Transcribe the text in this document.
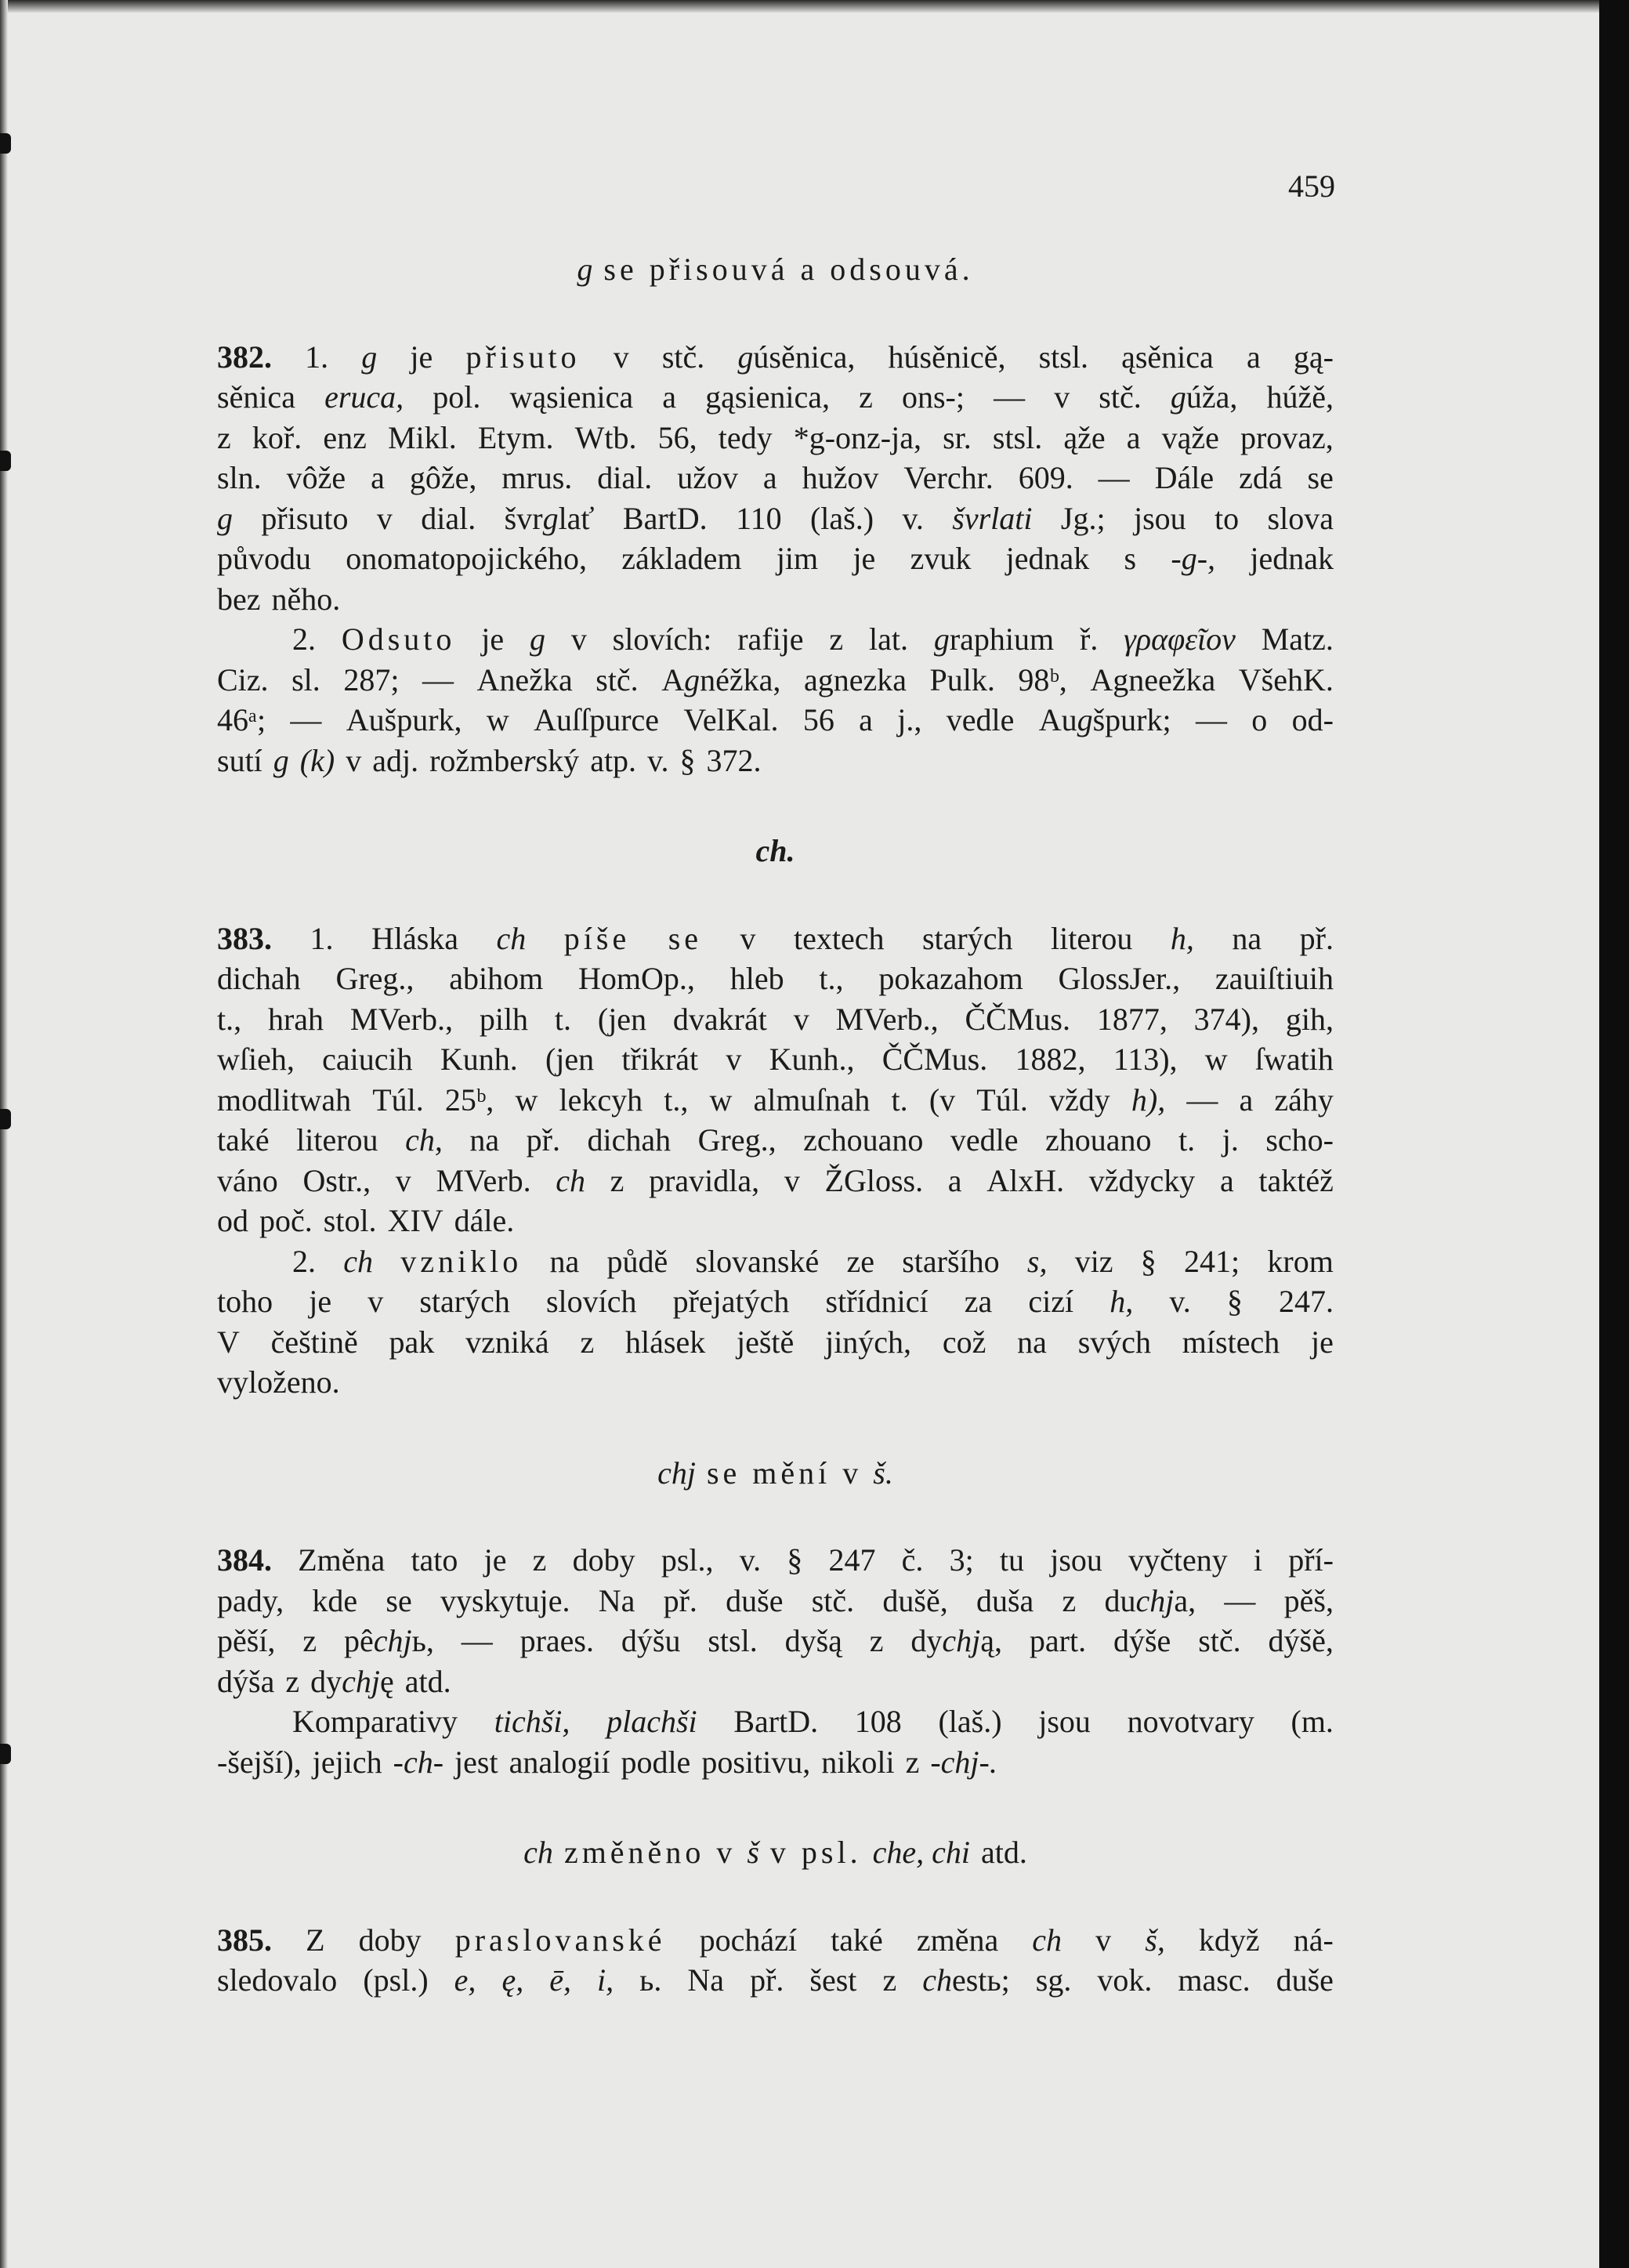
459
g se přisouvá a odsouvá.
382. 1. g je přisuto v stč. gúsěnica, húsěnicě, stsl. ąsěnica a gą-
sěnica eruca, pol. wąsienica a gąsienica, z ons-; — v stč. gúža, húžě,
z koř. enz Mikl. Etym. Wtb. 56, tedy *g-onz-ja, sr. stsl. ąže a vąže provaz,
sln. vôže a gôže, mrus. dial. užov a hužov Verchr. 609. — Dále zdá se
g přisuto v dial. švrglať BartD. 110 (laš.) v. švrlati Jg.; jsou to slova
původu onomatopojického, základem jim je zvuk jednak s -g-, jednak
bez něho.
2. Odsuto je g v slovích: rafije z lat. graphium ř. γραφεῖον Matz.
Ciz. sl. 287; — Anežka stč. Agnéžka, agnezka Pulk. 98ᵇ, Agneežka VšehK.
46ᵃ; — Aušpurk, w Auſſpurce VelKal. 56 a j., vedle Augšpurk; — o od-
sutí g (k) v adj. rožmberský atp. v. § 372.
ch.
383. 1. Hláska ch píše se v textech starých literou h, na př.
dichah Greg., abihom HomOp., hleb t., pokazahom GlossJer., zauiſtiuih
t., hrah MVerb., pilh t. (jen dvakrát v MVerb., ČČMus. 1877, 374), gih,
wſieh, caiucih Kunh. (jen třikrát v Kunh., ČČMus. 1882, 113), w ſwatih
modlitwah Túl. 25ᵇ, w lekcyh t., w almuſnah t. (v Túl. vždy h), — a záhy
také literou ch, na př. dichah Greg., zchouano vedle zhouano t. j. scho-
váno Ostr., v MVerb. ch z pravidla, v ŽGloss. a AlxH. vždycky a taktéž
od poč. stol. XIV dále.
2. ch vzniklo na půdě slovanské ze staršího s, viz § 241; krom
toho je v starých slovích přejatých střídnicí za cizí h, v. § 247.
V češtině pak vzniká z hlásek ještě jiných, což na svých místech je
vyloženo.
chj se mění v š.
384. Změna tato je z doby psl., v. § 247 č. 3; tu jsou vyčteny i pří-
pady, kde se vyskytuje. Na př. duše stč. dušě, duša z duchja, — pěš,
pěší, z pêchjь, — praes. dýšu stsl. dyšą z dychją, part. dýše stč. dýšě,
dýša z dychję atd.
Komparativy tichši, plachši BartD. 108 (laš.) jsou novotvary (m.
-šejší), jejich -ch- jest analogií podle positivu, nikoli z -chj-.
ch změněno v š v psl. che, chi atd.
385. Z doby praslovanské pochází také změna ch v š, když ná-
sledovalo (psl.) e, ę, ē, i, ь. Na př. šest z chestь; sg. vok. masc. duše
